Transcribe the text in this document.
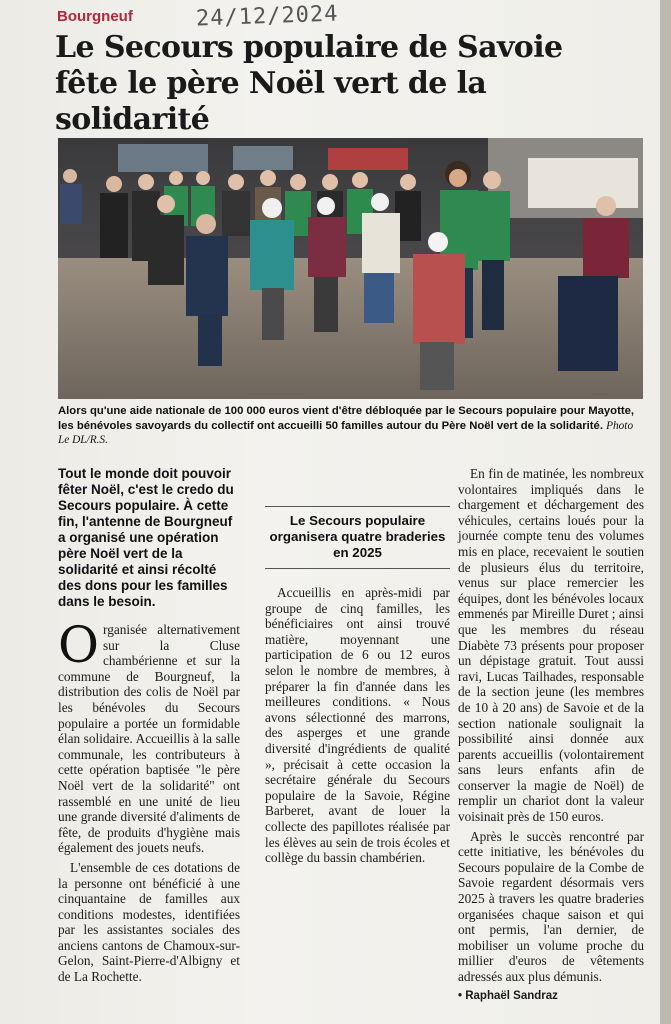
Bourgneuf	24/12/2024
Le Secours populaire de Savoie fête le père Noël vert de la solidarité
Alors qu'une aide nationale de 100 000 euros vient d'être débloquée par le Secours populaire pour Mayotte, les bénévoles savoyards du collectif ont accueilli 50 familles autour du Père Noël vert de la solidarité. Photo Le DL/R.S.

Tout le monde doit pouvoir fêter Noël, c'est le credo du Secours populaire. À cette fin, l'antenne de Bourgneuf a organisé une opération père Noël vert de la solidarité et ainsi récolté des dons pour les familles dans le besoin.

Organisée alternativement sur la Cluse chambérienne et sur la commune de Bourgneuf, la distribution des colis de Noël par les bénévoles du Secours populaire a portée un formidable élan solidaire. Accueillis à la salle communale, les contributeurs à cette opération baptisée "le père Noël vert de la solidarité" ont rassemblé en une unité de lieu une grande diversité d'aliments de fête, de produits d'hygiène mais également des jouets neufs.

L'ensemble de ces dotations de la personne ont bénéficié à une cinquantaine de familles aux conditions modestes, identifiées par les assistantes sociales des anciens cantons de Chamoux-sur-Gelon, Saint-Pierre-d'Albigny et de La Rochette.

Le Secours populaire organisera quatre braderies en 2025

Accueillis en après-midi par groupe de cinq familles, les bénéficiaires ont ainsi trouvé matière, moyennant une participation de 6 ou 12 euros selon le nombre de membres, à préparer la fin d'année dans les meilleures conditions. « Nous avons sélectionné des marrons, des asperges et une grande diversité d'ingrédients de qualité », précisait à cette occasion la secrétaire générale du Secours populaire de la Savoie, Régine Barberet, avant de louer la collecte des papillotes réalisée par les élèves au sein de trois écoles et collège du bassin chambérien.

En fin de matinée, les nombreux volontaires impliqués dans le chargement et déchargement des véhicules, certains loués pour la journée compte tenu des volumes mis en place, recevaient le soutien de plusieurs élus du territoire, venus sur place remercier les équipes, dont les bénévoles locaux emmenés par Mireille Duret ; ainsi que les membres du réseau Diabète 73 présents pour proposer un dépistage gratuit. Tout aussi ravi, Lucas Tailhades, responsable de la section jeune (les membres de 10 à 20 ans) de Savoie et de la section nationale soulignait la possibilité ainsi donnée aux parents accueillis (volontairement sans leurs enfants afin de conserver la magie de Noël) de remplir un chariot dont la valeur voisinait près de 150 euros.

Après le succès rencontré par cette initiative, les bénévoles du Secours populaire de la Combe de Savoie regardent désormais vers 2025 à travers les quatre braderies organisées chaque saison et qui ont permis, l'an dernier, de mobiliser un volume proche du millier d'euros de vêtements adressés aux plus démunis.

• Raphaël Sandraz
